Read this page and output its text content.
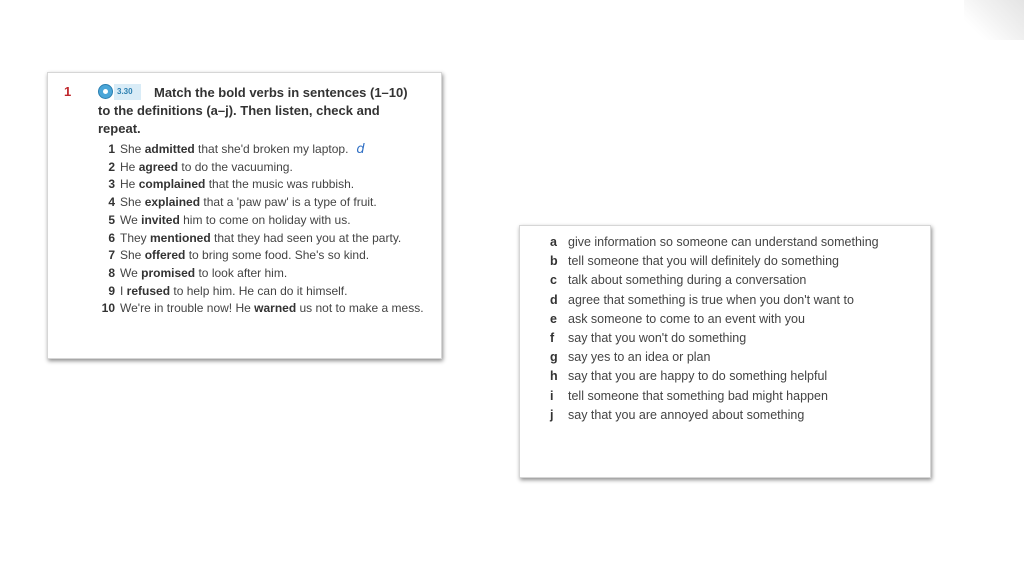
1	Match the bold verbs in sentences (1–10) to the definitions (a–j). Then listen, check and repeat.

3.30
1 She admitted that she'd broken my laptop. d
2 He agreed to do the vacuuming.
3 He complained that the music was rubbish.
4 She explained that a 'paw paw' is a type of fruit.
5 We invited him to come on holiday with us.
6 They mentioned that they had seen you at the party.
7 She offered to bring some food. She's so kind.
8 We promised to look after him.
9 I refused to help him. He can do it himself.
10 We're in trouble now! He warned us not to make a mess.
a give information so someone can understand something
b tell someone that you will definitely do something
c talk about something during a conversation
d agree that something is true when you don't want to
e ask someone to come to an event with you
f	say that you won't do something
g say yes to an idea or plan
h say that you are happy to do something helpful
i	tell someone that something bad might happen
j	say that you are annoyed about something
